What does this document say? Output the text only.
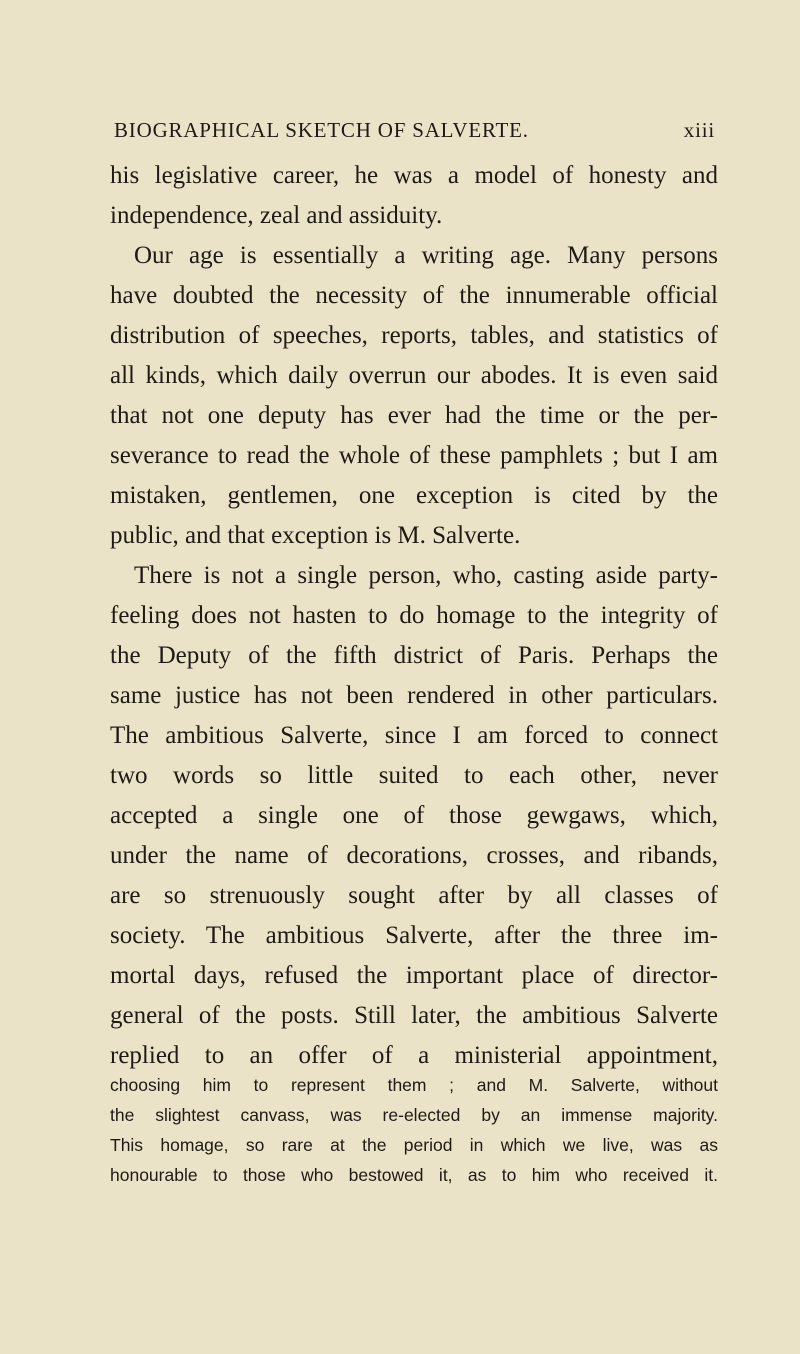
BIOGRAPHICAL SKETCH OF SALVERTE.	xiii
his legislative career, he was a model of honesty and
independence, zeal and assiduity.
Our age is essentially a writing age. Many persons
have doubted the necessity of the innumerable official
distribution of speeches, reports, tables, and statistics of
all kinds, which daily overrun our abodes. It is even said
that not one deputy has ever had the time or the per-
severance to read the whole of these pamphlets ; but I am
mistaken, gentlemen, one exception is cited by the
public, and that exception is M. Salverte.
There is not a single person, who, casting aside party-
feeling does not hasten to do homage to the integrity of
the Deputy of the fifth district of Paris. Perhaps the
same justice has not been rendered in other particulars.
The ambitious Salverte, since I am forced to connect
two words so little suited to each other, never
accepted a single one of those gewgaws, which,
under the name of decorations, crosses, and ribands,
are so strenuously sought after by all classes of
society. The ambitious Salverte, after the three im-
mortal days, refused the important place of director-
general of the posts. Still later, the ambitious Salverte
replied to an offer of a ministerial appointment,
choosing him to represent them ; and M. Salverte, without
the slightest canvass, was re-elected by an immense majority.
This homage, so rare at the period in which we live, was as
honourable to those who bestowed it, as to him who received it.
